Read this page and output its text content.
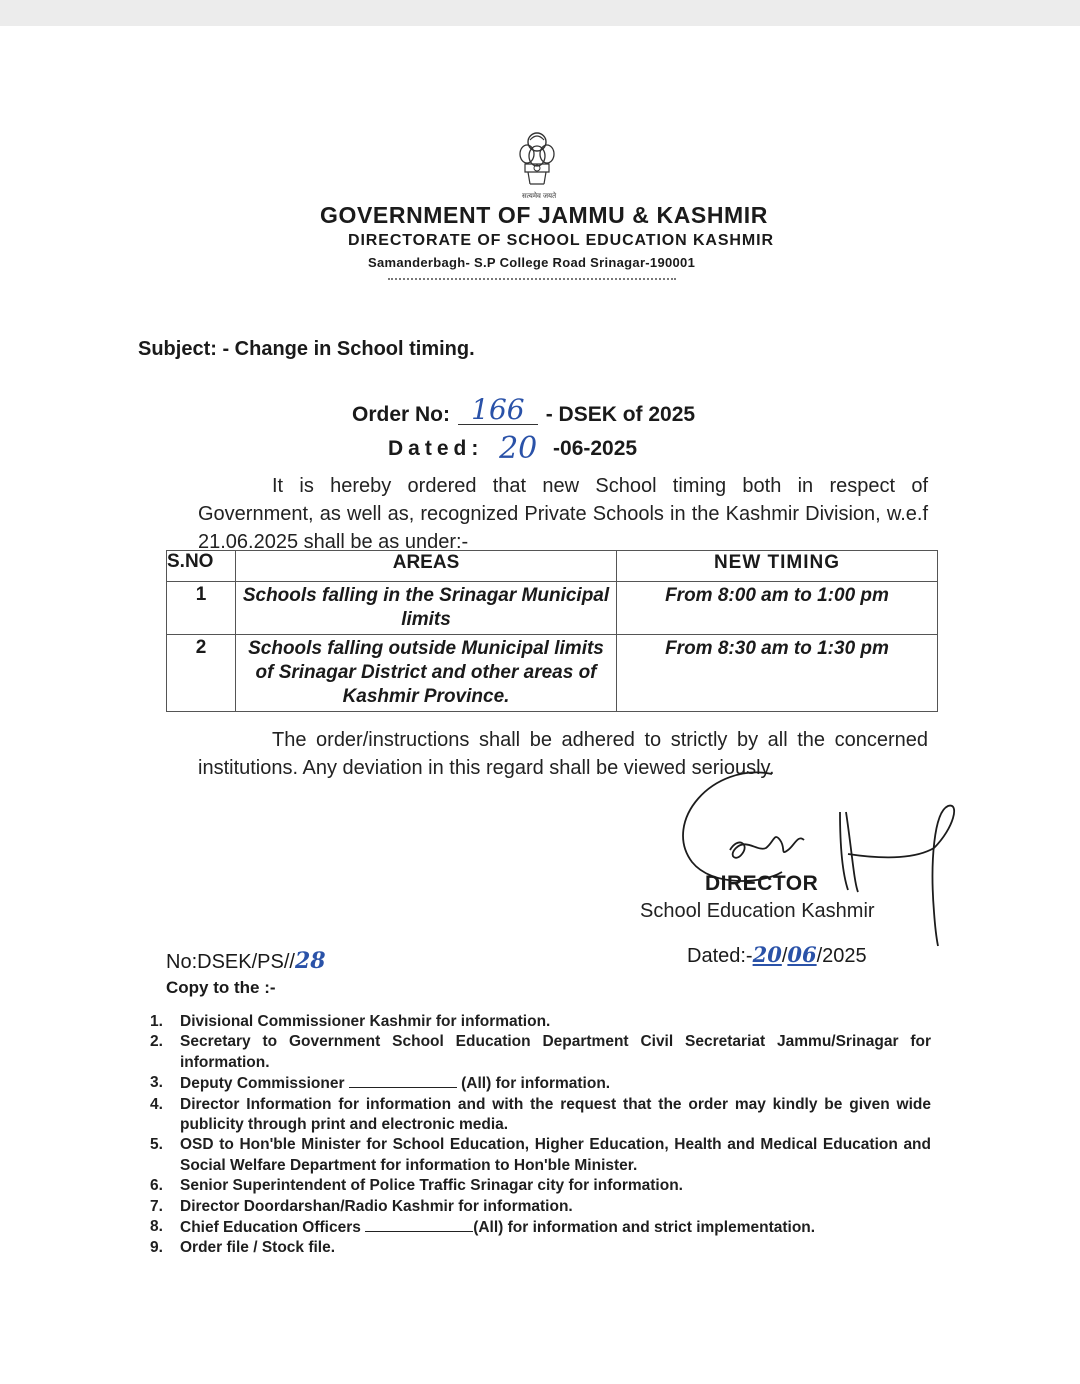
सत्यमेव जयते
GOVERNMENT OF JAMMU & KASHMIR
DIRECTORATE OF SCHOOL EDUCATION KASHMIR
Samanderbagh- S.P College Road Srinagar-190001
Subject: - Change in School timing.
Order No: 166 - DSEK of 2025
Dated: 20 -06-2025

It is hereby ordered that new School timing both in respect of Government, as well as, recognized Private Schools in the Kashmir Division, w.e.f 21.06.2025 shall be as under:-

S.NO	AREAS	NEW TIMING
1	Schools falling in the Srinagar Municipal limits	From 8:00 am to 1:00 pm
2	Schools falling outside Municipal limits of Srinagar District and other areas of Kashmir Province.	From 8:30 am to 1:30 pm

The order/instructions shall be adhered to strictly by all the concerned institutions. Any deviation in this regard shall be viewed seriously.

DIRECTOR
School Education Kashmir
No:DSEK/PS//28	Dated:-20/06/2025
Copy to the :-
1.	Divisional Commissioner Kashmir for information.
2.	Secretary to Government School Education Department Civil Secretariat Jammu/Srinagar for information.
3.	Deputy Commissioner	(All) for information.
4.	Director Information for information and with the request that the order may kindly be given wide publicity through print and electronic media.
5.	OSD to Hon'ble Minister for School Education, Higher Education, Health and Medical Education and Social Welfare Department for information to Hon'ble Minister.
6.	Senior Superintendent of Police Traffic Srinagar city for information.
7.	Director Doordarshan/Radio Kashmir for information.
8.	Chief Education Officers	(All) for information and strict implementation.
9.	Order file / Stock file.
